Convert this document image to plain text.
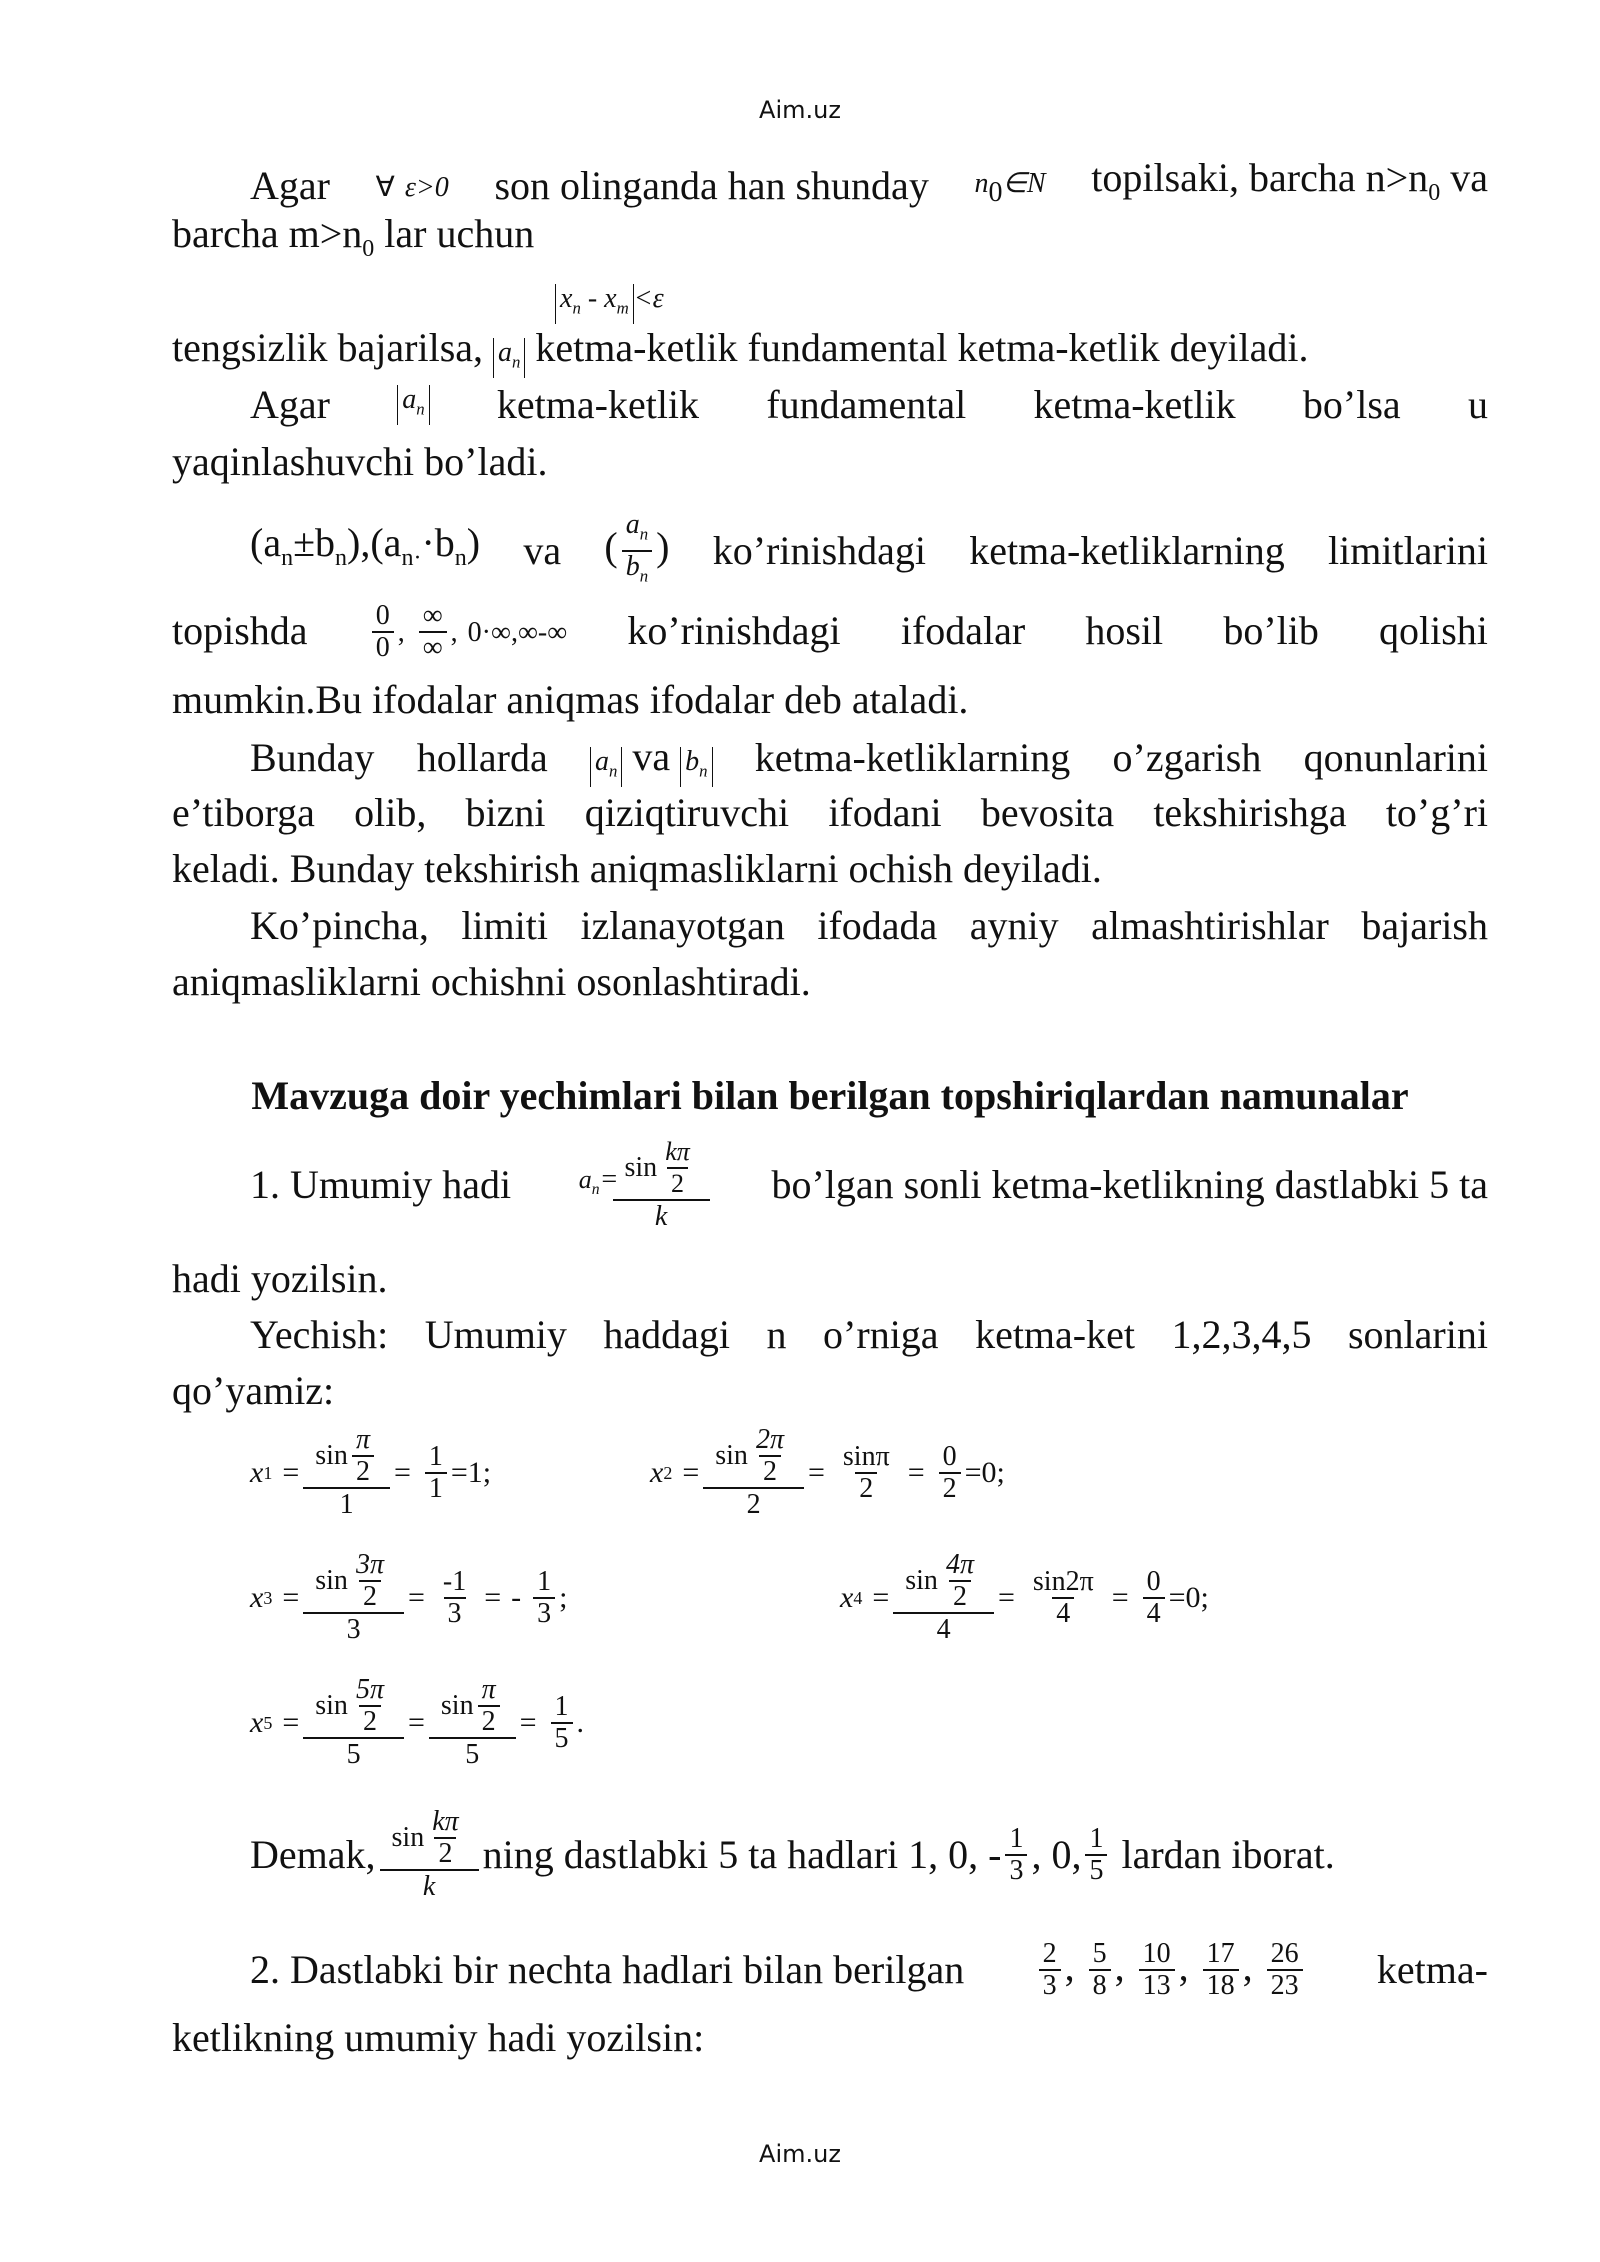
Aim.uz
Agar ∀ ε>0 son olinganda han shunday $n_0\in N$ topilsaki, barcha $n>n_0$ va
barcha $m>n_0$ lar uchun
$x_n - x_m <\varepsilon$
tengsizlik bajarilsa, $a_n$ ketma-ketlik fundamental ketma-ketlik deyiladi.
Agar	$a_n$ ketma-ketlik fundamental ketma-ketlik bo’lsa u
yaqinlashuvchi bo’ladi.
$(a_n\pm b_n),(a_{n\cdot}\cdot b_n)$ va ( $\frac{a_n}{b_n}$ ) ko’rinishdagi ketma-ketliklarning limitlarini
topishda $\frac{0}{0}$ , $\frac{\infty}{\infty}$ , 0·∞,∞-∞ ko’rinishdagi ifodalar hosil bo’lib qolishi
mumkin.Bu ifodalar aniqmas ifodalar deb ataladi.
Bunday hollarda $a_n$ va $b_n$ ketma-ketliklarning o’zgarish qonunlarini
e’tiborga olib, bizni qiziqtiruvchi ifodani bevosita tekshirishga to’g’ri
keladi. Bunday tekshirish aniqmasliklarni ochish deyiladi.
Ko’pincha, limiti izlanayotgan ifodada ayniy almashtirishlar bajarish
aniqmasliklarni ochishni osonlashtiradi.
Mavzuga doir yechimlari bilan berilgan topshiriqlardan namunalar
1. Umumiy hadi	$a_n= \frac{\sin \frac{k\pi}{2}}{k}$ bo’lgan sonli ketma-ketlikning dastlabki 5 ta
hadi yozilsin.
Yechish: Umumiy haddagi n o’rniga ketma-ket 1,2,3,4,5 sonlarini
qo’yamiz:
x $1 = \frac{\sin \frac{\pi}{2}}{1} = \frac{1}{1} =1$;	x $2 = \frac{\sin \frac{2\pi}{2}}{2} = \frac{\sin\pi}{2} = \frac{0}{2} =0$;
x $3 = \frac{\sin \frac{3\pi}{2}}{3} = \frac{-1}{3}$ = - $\frac{1}{3}$ ;	x $4 = \frac{\sin \frac{4\pi}{2}}{4} = \frac{\sin 2\pi}{4} = \frac{0}{4} =0$;
x $5 = \frac{\sin \frac{5\pi}{2}}{5} = \frac{\sin \frac{\pi}{2}}{5} = \frac{1}{5}$ .
Demak,
$\frac{\sin \frac{k\pi}{2}}{k}$
ning dastlabki 5 ta hadlari 1, 0,
- $\frac{1}{3}$ , 0, $\frac{1}{5}$
lardan iborat.
2. Dastlabki bir nechta hadlari bilan berilgan	$\frac{2}{3}$ , $\frac{5}{8}$ , $\frac{10}{13}$ , $\frac{17}{18}$ , $\frac{26}{23}$ ketma-
ketlikning umumiy hadi yozilsin:
Aim.uz
